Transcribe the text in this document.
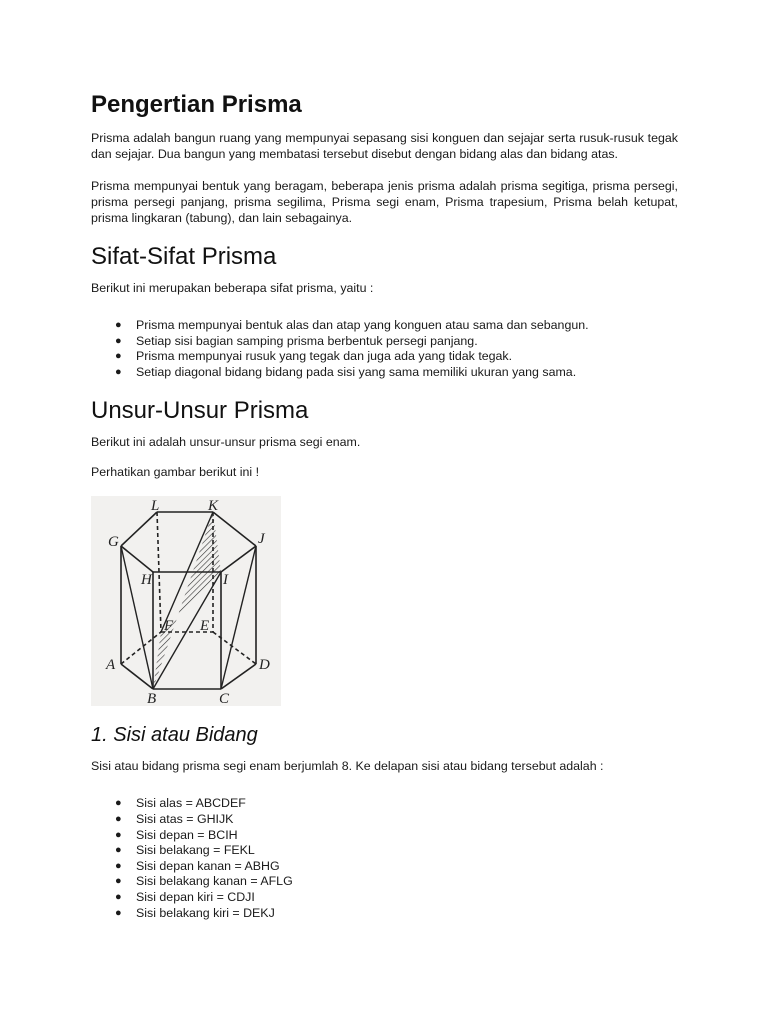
Pengertian Prisma

Prisma adalah bangun ruang yang mempunyai sepasang sisi konguen dan sejajar serta rusuk-rusuk tegak dan sejajar. Dua bangun yang membatasi tersebut disebut dengan bidang alas dan bidang atas.

Prisma mempunyai bentuk yang beragam, beberapa jenis prisma adalah prisma segitiga, prisma persegi, prisma persegi panjang, prisma segilima, Prisma segi enam, Prisma trapesium, Prisma belah ketupat, prisma lingkaran (tabung), dan lain sebagainya.

Sifat-Sifat Prisma

Berikut ini merupakan beberapa sifat prisma, yaitu :

● Prisma mempunyai bentuk alas dan atap yang konguen atau sama dan sebangun.
● Setiap sisi bagian samping prisma berbentuk persegi panjang.
● Prisma mempunyai rusuk yang tegak dan juga ada yang tidak tegak.
● Setiap diagonal bidang bidang pada sisi yang sama memiliki ukuran yang sama.
Unsur-Unsur Prisma

Berikut ini adalah unsur-unsur prisma segi enam.

Perhatikan gambar berikut ini !

L	K
G	J
H	I
F E
A	D
B	C
1. Sisi atau Bidang

Sisi atau bidang prisma segi enam berjumlah 8. Ke delapan sisi atau bidang tersebut adalah :

● Sisi alas = ABCDEF
● Sisi atas = GHIJK
● Sisi depan = BCIH
● Sisi belakang = FEKL
● Sisi depan kanan = ABHG
● Sisi belakang kanan = AFLG
● Sisi depan kiri = CDJI
● Sisi belakang kiri = DEKJ
